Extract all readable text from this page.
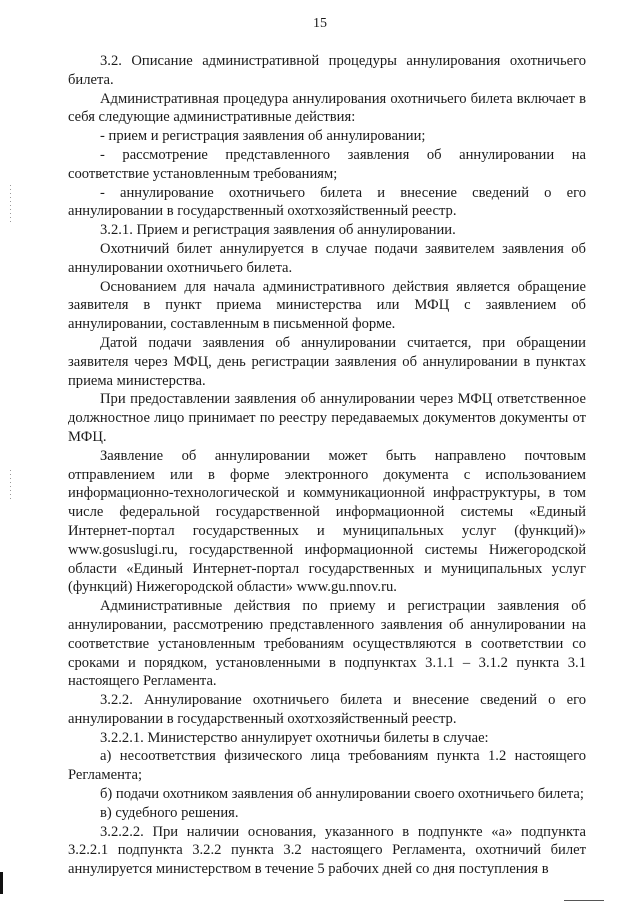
15

3.2. Описание административной процедуры аннулирования охотничьего билета.

Административная процедура аннулирования охотничьего билета включает в себя следующие административные действия:

- прием и регистрация заявления об аннулировании;

- рассмотрение представленного заявления об аннулировании на соответствие установленным требованиям;

- аннулирование охотничьего билета и внесение сведений о его аннулировании в государственный охотхозяйственный реестр.

3.2.1. Прием и регистрация заявления об аннулировании.

Охотничий билет аннулируется в случае подачи заявителем заявления об аннулировании охотничьего билета.

Основанием для начала административного действия является обращение заявителя в пункт приема министерства или МФЦ с заявлением об аннулировании, составленным в письменной форме.

Датой подачи заявления об аннулировании считается, при обращении заявителя через МФЦ, день регистрации заявления об аннулировании в пунктах приема министерства.

При предоставлении заявления об аннулировании через МФЦ ответственное должностное лицо принимает по реестру передаваемых документов документы от МФЦ.

Заявление об аннулировании может быть направлено почтовым отправлением или в форме электронного документа с использованием информационно-технологической и коммуникационной инфраструктуры, в том числе федеральной государственной информационной системы «Единый Интернет-портал государственных и муниципальных услуг (функций)» www.gosuslugi.ru, государственной информационной системы Нижегородской области «Единый Интернет-портал государственных и муниципальных услуг (функций) Нижегородской области» www.gu.nnov.ru.

Административные действия по приему и регистрации заявления об аннулировании, рассмотрению представленного заявления об аннулировании на соответствие установленным требованиям осуществляются в соответствии со сроками и порядком, установленными в подпунктах 3.1.1 – 3.1.2 пункта 3.1 настоящего Регламента.

3.2.2. Аннулирование охотничьего билета и внесение сведений о его аннулировании в государственный охотхозяйственный реестр.

3.2.2.1. Министерство аннулирует охотничьи билеты в случае:

а) несоответствия физического лица требованиям пункта 1.2 настоящего Регламента;

б) подачи охотником заявления об аннулировании своего охотничьего билета;

в) судебного решения.

3.2.2.2. При наличии основания, указанного в подпункте «а» подпункта 3.2.2.1 подпункта 3.2.2 пункта 3.2 настоящего Регламента, охотничий билет аннулируется министерством в течение 5 рабочих дней со дня поступления в
